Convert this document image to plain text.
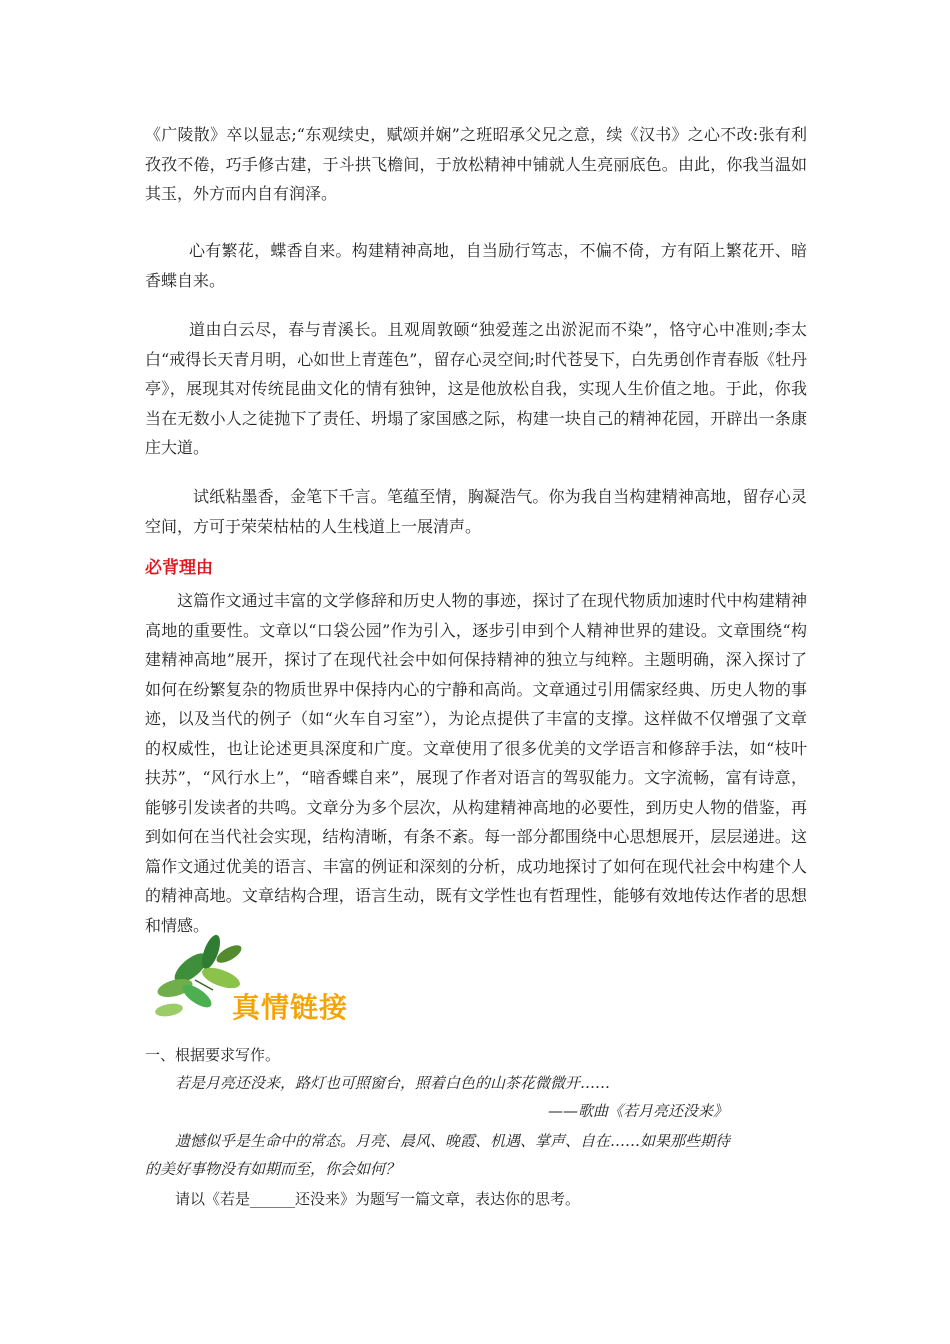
《广陵散》卒以显志;“东观续史，赋颂并娴”之班昭承父兄之意，续《汉书》之心不改:张有利孜孜不倦，巧手修古建，于斗拱飞檐间，于放松精神中铺就人生亮丽底色。由此，你我当温如其玉，外方而内自有润泽。

心有繁花，蝶香自来。构建精神高地，自当励行笃志，不偏不倚，方有陌上繁花开、暗香蝶自来。

道由白云尽，春与青溪长。且观周敦颐“独爱莲之出淤泥而不染”，恪守心中准则;李太白“戒得长天青月明，心如世上青莲色”，留存心灵空间;时代苍旻下，白先勇创作青春版《牡丹亭》，展现其对传统昆曲文化的情有独钟，这是他放松自我，实现人生价值之地。于此，你我当在无数小人之徒抛下了责任、坍塌了家国感之际，构建一块自己的精神花园，开辟出一条康庄大道。

试纸粘墨香，金笔下千言。笔蕴至情，胸凝浩气。你为我自当构建精神高地，留存心灵空间，方可于荣荣枯枯的人生栈道上一展清声。

必背理由

这篇作文通过丰富的文学修辞和历史人物的事迹，探讨了在现代物质加速时代中构建精神高地的重要性。文章以“口袋公园”作为引入，逐步引申到个人精神世界的建设。文章围绕“构建精神高地”展开，探讨了在现代社会中如何保持精神的独立与纯粹。主题明确，深入探讨了如何在纷繁复杂的物质世界中保持内心的宁静和高尚。文章通过引用儒家经典、历史人物的事迹，以及当代的例子（如“火车自习室”），为论点提供了丰富的支撑。这样做不仅增强了文章的权威性，也让论述更具深度和广度。文章使用了很多优美的文学语言和修辞手法，如“枝叶扶苏”，“风行水上”，“暗香蝶自来”，展现了作者对语言的驾驭能力。文字流畅，富有诗意，能够引发读者的共鸣。文章分为多个层次，从构建精神高地的必要性，到历史人物的借鉴，再到如何在当代社会实现，结构清晰，有条不紊。每一部分都围绕中心思想展开，层层递进。这篇作文通过优美的语言、丰富的例证和深刻的分析，成功地探讨了如何在现代社会中构建个人的精神高地。文章结构合理，语言生动，既有文学性也有哲理性，能够有效地传达作者的思想和情感。

真情链接

一、根据要求写作。

若是月亮还没来，路灯也可照窗台，照着白色的山茶花微微开……

——歌曲《若月亮还没来》

遗憾似乎是生命中的常态。月亮、晨风、晚霞、机遇、掌声、自在……如果那些期待

的美好事物没有如期而至，你会如何？

请以《若是______还没来》为题写一篇文章，表达你的思考。
